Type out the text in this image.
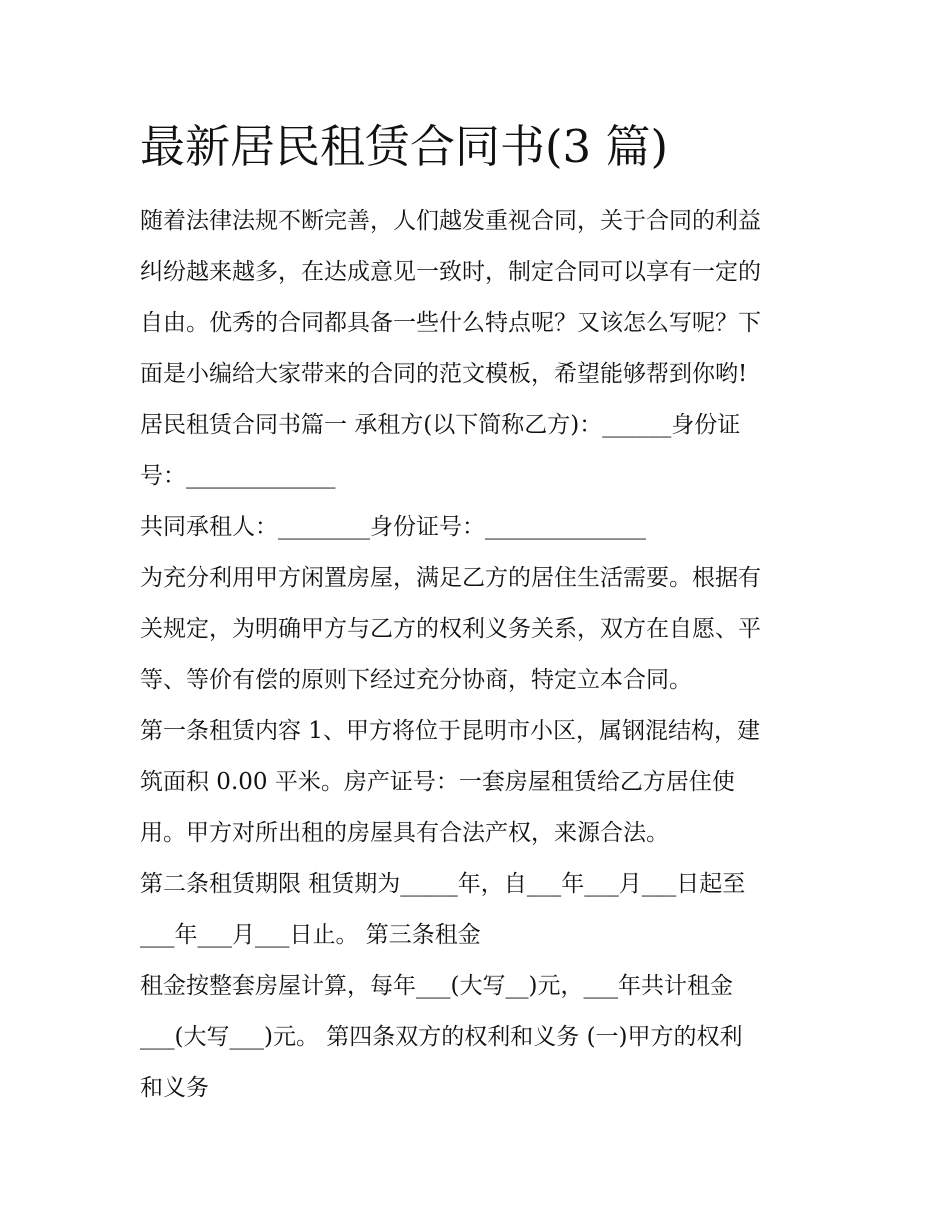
最新居民租赁合同书(3 篇)
随着法律法规不断完善，人们越发重视合同，关于合同的利益
纠纷越来越多，在达成意见一致时，制定合同可以享有一定的
自由。优秀的合同都具备一些什么特点呢？又该怎么写呢？下
面是小编给大家带来的合同的范文模板，希望能够帮到你哟!
居民租赁合同书篇一 承租方(以下简称乙方)：______身份证
号：_____________
共同承租人：________身份证号：______________
为充分利用甲方闲置房屋，满足乙方的居住生活需要。根据有
关规定，为明确甲方与乙方的权利义务关系，双方在自愿、平
等、等价有偿的原则下经过充分协商，特定立本合同。
第一条租赁内容 1、甲方将位于昆明市小区，属钢混结构，建
筑面积 0.00 平米。房产证号：一套房屋租赁给乙方居住使
用。甲方对所出租的房屋具有合法产权，来源合法。
第二条租赁期限 租赁期为_____年，自___年___月___日起至
___年___月___日止。 第三条租金
租金按整套房屋计算，每年___(大写__)元，___年共计租金
___(大写___)元。 第四条双方的权利和义务 (一)甲方的权利
和义务
